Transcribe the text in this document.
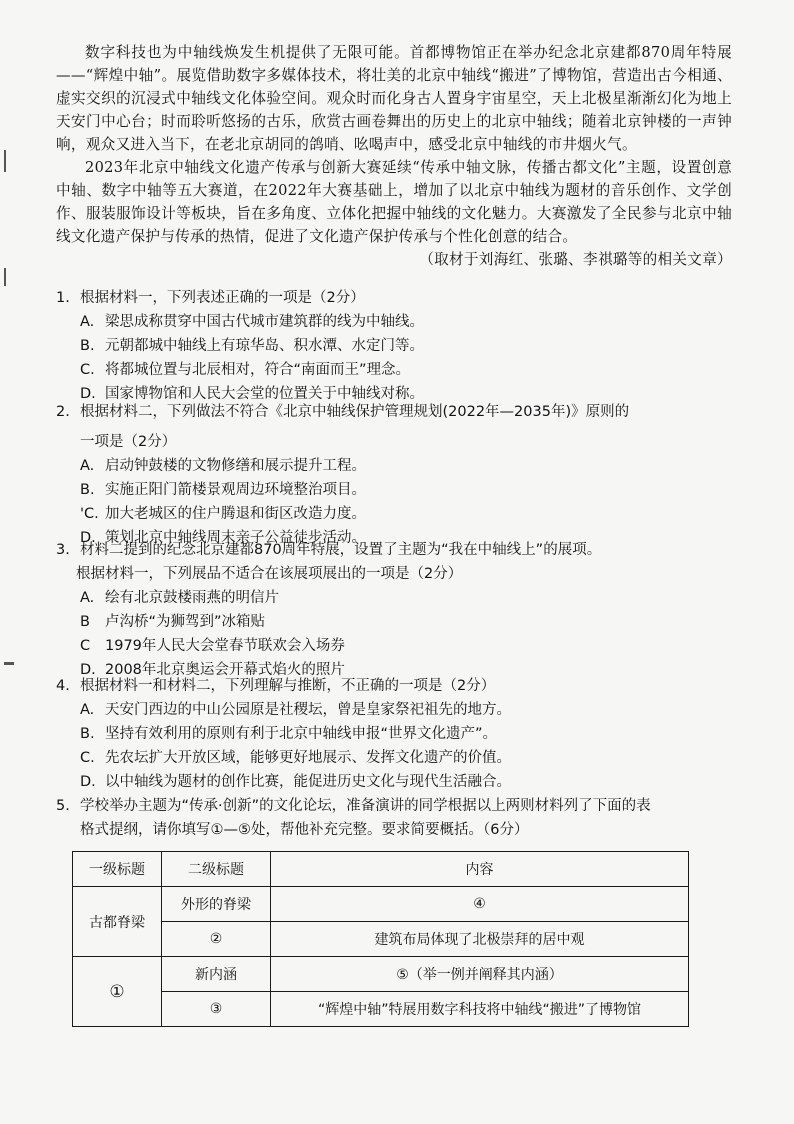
数字科技也为中轴线焕发生机提供了无限可能。首都博物馆正在举办纪念北京建都870周年特展——“辉煌中轴”。展览借助数字多媒体技术，将壮美的北京中轴线“搬进”了博物馆，营造出古今相通、虚实交织的沉浸式中轴线文化体验空间。观众时而化身古人置身宇宙星空，天上北极星渐渐幻化为地上天安门中心台；时而聆听悠扬的古乐，欣赏古画卷舞出的历史上的北京中轴线；随着北京钟楼的一声钟响，观众又进入当下，在老北京胡同的鸽哨、吆喝声中，感受北京中轴线的市井烟火气。

2023年北京中轴线文化遗产传承与创新大赛延续“传承中轴文脉，传播古都文化”主题，设置创意中轴、数字中轴等五大赛道，在2022年大赛基础上，增加了以北京中轴线为题材的音乐创作、文学创作、服装服饰设计等板块，旨在多角度、立体化把握中轴线的文化魅力。大赛激发了全民参与北京中轴线文化遗产保护与传承的热情，促进了文化遗产保护传承与个性化创意的结合。

（取材于刘海红、张璐、李祺璐等的相关文章）

1. 根据材料一，下列表述正确的一项是（2分）
A. 梁思成称贯穿中国古代城市建筑群的线为中轴线。
B. 元朝都城中轴线上有琼华岛、积水潭、水定门等。
C. 将都城位置与北辰相对，符合“南面而王”理念。
D. 国家博物馆和人民大会堂的位置关于中轴线对称。
2. 根据材料二，下列做法不符合《北京中轴线保护管理规划(2022年—2035年)》原则的
一项是（2分）
A. 启动钟鼓楼的文物修缮和展示提升工程。
B. 实施正阳门箭楼景观周边环境整治项目。
'C. 加大老城区的住户腾退和街区改造力度。
D. 策划北京中轴线周末亲子公益徒步活动。
3. 材料二提到的纪念北京建都870周年特展，设置了主题为“我在中轴线上”的展项。
根据材料一，下列展品不适合在该展项展出的一项是（2分）
A. 绘有北京鼓楼雨燕的明信片
B 卢沟桥“为狮驾到”冰箱贴
C 1979年人民大会堂春节联欢会入场券
D. 2008年北京奥运会开幕式焰火的照片
4. 根据材料一和材料二，下列理解与推断，不正确的一项是（2分）
A. 天安门西边的中山公园原是社稷坛，曾是皇家祭祀祖先的地方。
B. 坚持有效利用的原则有利于北京中轴线申报“世界文化遗产”。
C. 先农坛扩大开放区域，能够更好地展示、发挥文化遗产的价值。
D. 以中轴线为题材的创作比赛，能促进历史文化与现代生活融合。
5. 学校举办主题为“传承·创新”的文化论坛，准备演讲的同学根据以上两则材料列了下面的表
格式提纲，请你填写①—⑤处，帮他补充完整。要求简要概括。（6分）
一级标题	二级标题	内容
古都脊梁	外形的脊梁	④
	②	建筑布局体现了北极崇拜的居中观
①	新内涵	⑤（举一例并阐释其内涵）
	③	“辉煌中轴”特展用数字科技将中轴线“搬进”了博物馆
